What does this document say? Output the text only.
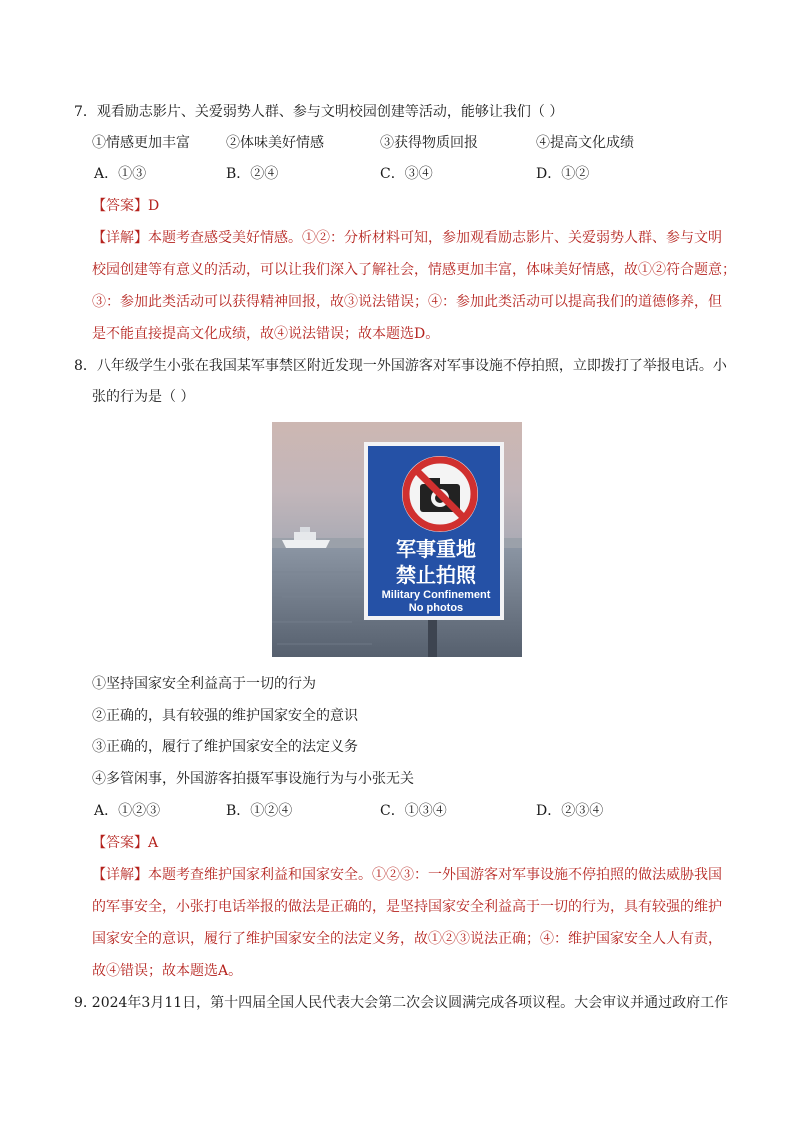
7．观看励志影片、关爱弱势人群、参与文明校园创建等活动，能够让我们（ ）
①情感更加丰富	②体味美好情感	③获得物质回报	④提高文化成绩
A．①③	B．②④	C．③④	D．①②
【答案】D
【详解】本题考查感受美好情感。①②：分析材料可知，参加观看励志影片、关爱弱势人群、参与文明
校园创建等有意义的活动，可以让我们深入了解社会，情感更加丰富，体味美好情感，故①②符合题意；
③：参加此类活动可以获得精神回报，故③说法错误；④：参加此类活动可以提高我们的道德修养，但
是不能直接提高文化成绩，故④说法错误；故本题选D。
8．八年级学生小张在我国某军事禁区附近发现一外国游客对军事设施不停拍照，立即拨打了举报电话。小
张的行为是（ ）
军事重地
禁止拍照
Military Confinement
No photos
①坚持国家安全利益高于一切的行为
②正确的，具有较强的维护国家安全的意识
③正确的，履行了维护国家安全的法定义务
④多管闲事，外国游客拍摄军事设施行为与小张无关
A．①②③	B．①②④	C．①③④	D．②③④
【答案】A
【详解】本题考查维护国家利益和国家安全。①②③：一外国游客对军事设施不停拍照的做法威胁我国
的军事安全，小张打电话举报的做法是正确的，是坚持国家安全利益高于一切的行为，具有较强的维护
国家安全的意识，履行了维护国家安全的法定义务，故①②③说法正确；④：维护国家安全人人有责，
故④错误；故本题选A。
9. 2024年3月11日，第十四届全国人民代表大会第二次会议圆满完成各项议程。大会审议并通过政府工作
